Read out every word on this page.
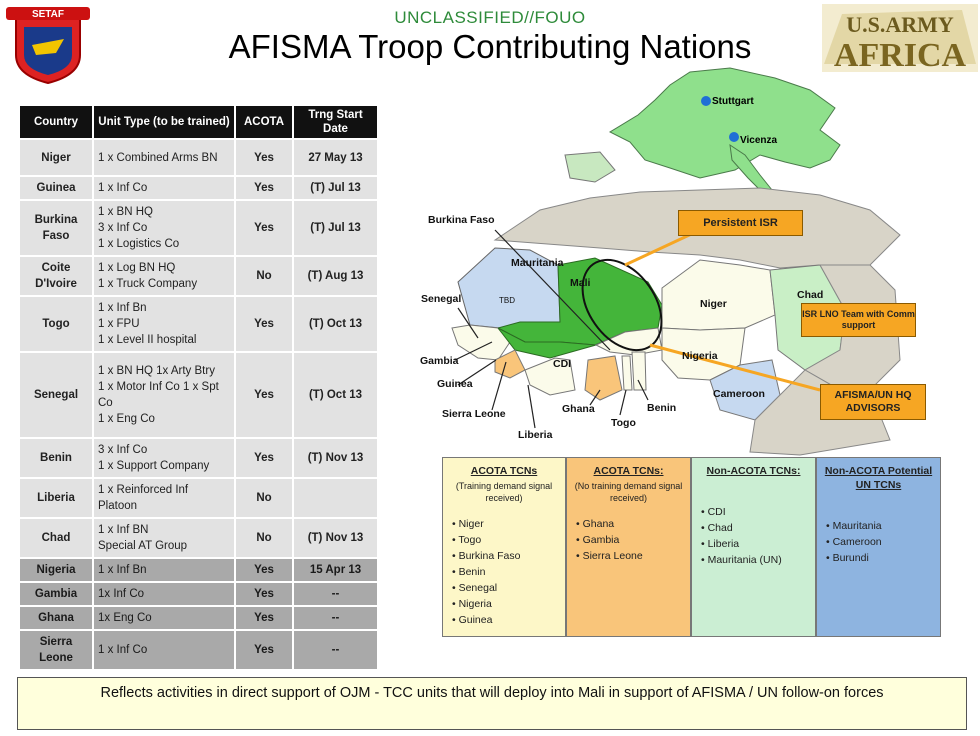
SETAF	UNCLASSIFIED//FOUO
AFISMA Troop Contributing Nations
U.S.ARMY
AFRICA
Country	Unit Type (to be trained)	ACOTA	Trng Start Date
Niger	1 x Combined Arms BN	Yes	27 May 13
Guinea	1 x Inf Co	Yes	(T) Jul 13
Burkina Faso	1 x BN HQ
3 x Inf Co
1 x Logistics Co	Yes	(T) Jul 13
Coite D'Ivoire	1 x Log BN HQ
1 x Truck Company	No	(T) Aug 13
Togo	1 x Inf Bn
1 x FPU
1 x Level II hospital	Yes	(T) Oct 13
Senegal	1 x BN HQ 1x Arty Btry
1 x Motor Inf Co 1 x Spt Co
1 x Eng Co	Yes	(T) Oct 13
Benin	3 x Inf Co
1 x Support Company	Yes	(T) Nov 13
Liberia	1 x Reinforced Inf Platoon	No	
Chad	1 x Inf BN
Special AT Group	No	(T) Nov 13
Nigeria	1 x Inf Bn	Yes	15 Apr 13
Gambia	1x Inf Co	Yes	--
Ghana	1x Eng Co	Yes	--
Sierra Leone	1 x Inf Co	Yes	--
Stuttgart
Vicenza
Mali
Mauritania
Niger
Chad
Nigeria
Cameroon
CDI
TBD
Burkina Faso
Senegal
Gambia
Guinea
Sierra Leone
Liberia
Ghana
Togo
Benin
Persistent ISR
ISR LNO Team with Comm support
AFISMA/UN HQ ADVISORS
ACOTA TCNs
(Training demand signal received)
• Niger
• Togo
• Burkina Faso
• Benin
• Senegal
• Nigeria
• Guinea
ACOTA TCNs:
(No training demand signal received)
• Ghana
• Gambia
• Sierra Leone
Non-ACOTA TCNs:
• CDI
• Chad
• Liberia
• Mauritania (UN)
Non-ACOTA Potential UN TCNs
• Mauritania
• Cameroon
• Burundi
Reflects activities in direct support of OJM - TCC units that will deploy into Mali in support of AFISMA / UN follow-on forces
